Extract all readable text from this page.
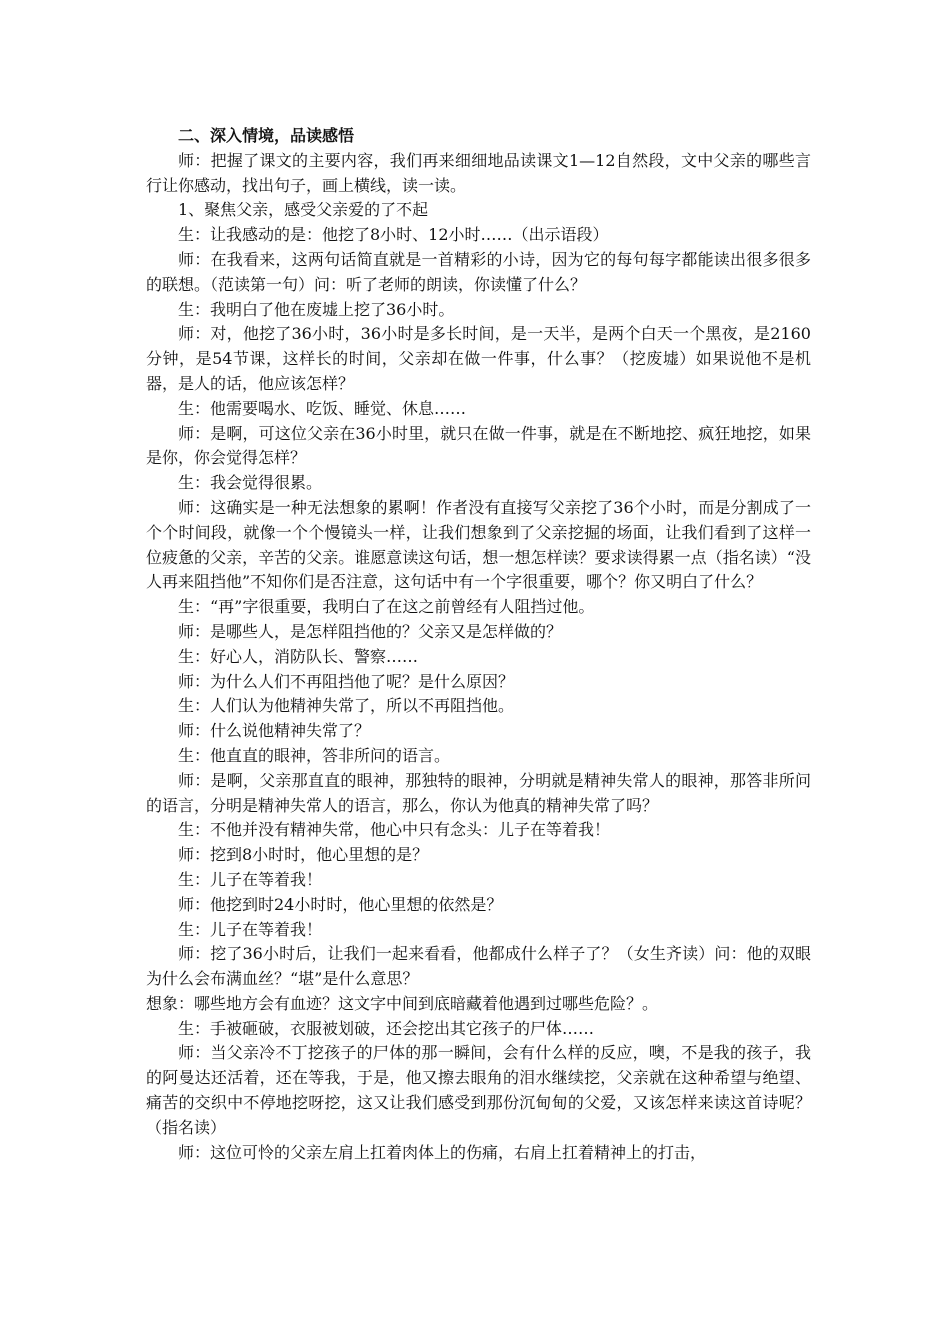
二、深入情境，品读感悟

师：把握了课文的主要内容，我们再来细细地品读课文1—12自然段，文中父亲的哪些言行让你感动，找出句子，画上横线，读一读。

1、聚焦父亲，感受父亲爱的了不起

生：让我感动的是：他挖了8小时、12小时……（出示语段）

师：在我看来，这两句话简直就是一首精彩的小诗，因为它的每句每字都能读出很多很多的联想。（范读第一句）问：听了老师的朗读，你读懂了什么？

生：我明白了他在废墟上挖了36小时。

师：对，他挖了36小时，36小时是多长时间，是一天半，是两个白天一个黑夜，是2160分钟，是54节课，这样长的时间，父亲却在做一件事，什么事？（挖废墟）如果说他不是机器，是人的话，他应该怎样？

生：他需要喝水、吃饭、睡觉、休息……

师：是啊，可这位父亲在36小时里，就只在做一件事，就是在不断地挖、疯狂地挖，如果是你，你会觉得怎样？

生：我会觉得很累。

师：这确实是一种无法想象的累啊！作者没有直接写父亲挖了36个小时，而是分割成了一个个时间段，就像一个个慢镜头一样，让我们想象到了父亲挖掘的场面，让我们看到了这样一位疲惫的父亲，辛苦的父亲。谁愿意读这句话，想一想怎样读？要求读得累一点（指名读）“没人再来阻挡他”不知你们是否注意，这句话中有一个字很重要，哪个？你又明白了什么？

生：“再”字很重要，我明白了在这之前曾经有人阻挡过他。

师：是哪些人，是怎样阻挡他的？父亲又是怎样做的？

生：好心人，消防队长、警察……

师：为什么人们不再阻挡他了呢？是什么原因？

生：人们认为他精神失常了，所以不再阻挡他。

师：什么说他精神失常了？

生：他直直的眼神，答非所问的语言。

师：是啊，父亲那直直的眼神，那独特的眼神，分明就是精神失常人的眼神，那答非所问的语言，分明是精神失常人的语言，那么，你认为他真的精神失常了吗？

生：不他并没有精神失常，他心中只有念头：儿子在等着我！

师：挖到8小时时，他心里想的是？

生：儿子在等着我！

师：他挖到时24小时时，他心里想的依然是？

生：儿子在等着我！

师：挖了36小时后，让我们一起来看看，他都成什么样子了？（女生齐读）问：他的双眼为什么会布满血丝？“堪”是什么意思？

想象：哪些地方会有血迹？这文字中间到底暗藏着他遇到过哪些危险？。

生：手被砸破，衣服被划破，还会挖出其它孩子的尸体……

师：当父亲冷不丁挖孩子的尸体的那一瞬间，会有什么样的反应，噢，不是我的孩子，我的阿曼达还活着，还在等我，于是，他又擦去眼角的泪水继续挖，父亲就在这种希望与绝望、痛苦的交织中不停地挖呀挖，这又让我们感受到那份沉甸甸的父爱，又该怎样来读这首诗呢？（指名读）

师：这位可怜的父亲左肩上扛着肉体上的伤痛，右肩上扛着精神上的打击，
